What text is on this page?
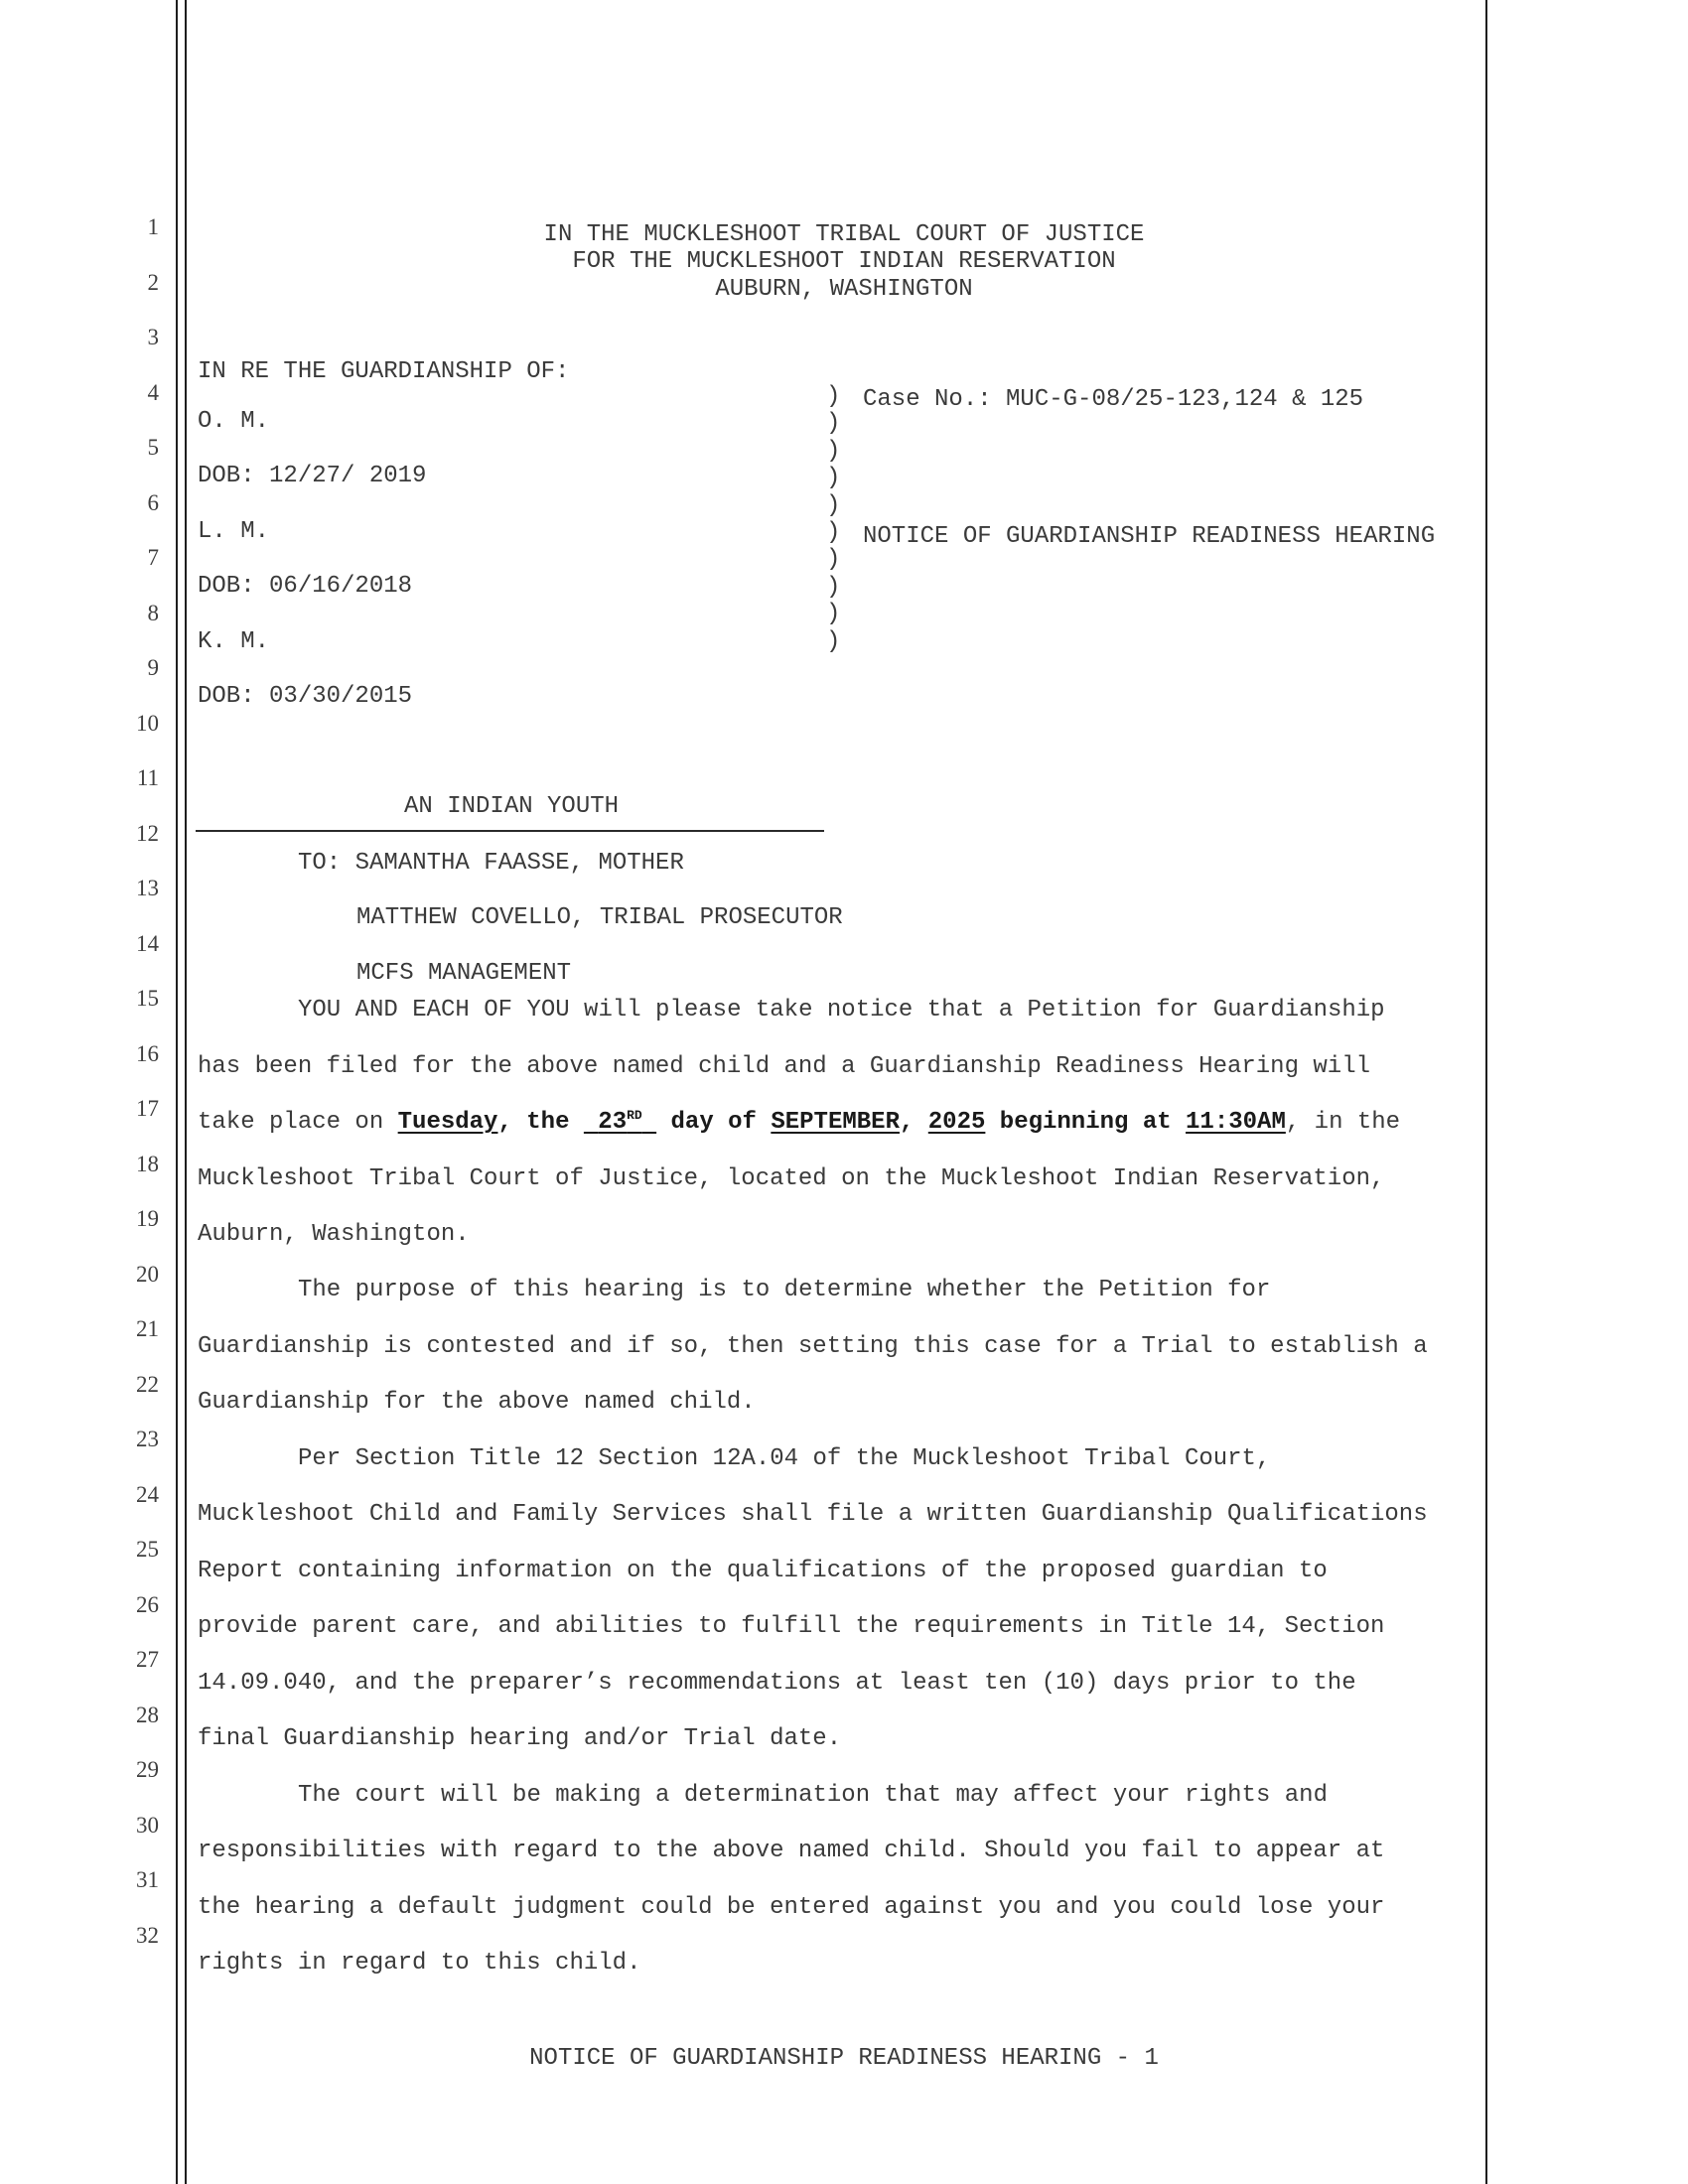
1
2
3
4
5
6
7
8
9
10
11
12
13
14
15
16
17
18
19
20
21
22
23
24
25
26
27
28
29
30
31
32
IN THE MUCKLESHOOT TRIBAL COURT OF JUSTICE
FOR THE MUCKLESHOOT INDIAN RESERVATION
AUBURN, WASHINGTON
IN RE THE GUARDIANSHIP OF:
O. M.
DOB: 12/27/ 2019
L. M.
DOB: 06/16/2018
K. M.
DOB: 03/30/2015
AN INDIAN YOUTH
)
)
)
)
)
)
)
)
)
)
Case No.: MUC-G-08/25-123,124 & 125
NOTICE OF GUARDIANSHIP READINESS HEARING
TO: SAMANTHA FAASSE, MOTHER
MATTHEW COVELLO, TRIBAL PROSECUTOR
MCFS MANAGEMENT
YOU AND EACH OF YOU will please take notice that a Petition for Guardianship
has been filed for the above named child and a Guardianship Readiness Hearing will
take place on Tuesday, the  23RD  day of SEPTEMBER, 2025 beginning at 11:30AM, in the
Muckleshoot Tribal Court of Justice, located on the Muckleshoot Indian Reservation,
Auburn, Washington.
The purpose of this hearing is to determine whether the Petition for
Guardianship is contested and if so, then setting this case for a Trial to establish a
Guardianship for the above named child.
Per Section Title 12 Section 12A.04 of the Muckleshoot Tribal Court,
Muckleshoot Child and Family Services shall file a written Guardianship Qualifications
Report containing information on the qualifications of the proposed guardian to
provide parent care, and abilities to fulfill the requirements in Title 14, Section
14.09.040, and the preparer’s recommendations at least ten (10) days prior to the
final Guardianship hearing and/or Trial date.
The court will be making a determination that may affect your rights and
responsibilities with regard to the above named child. Should you fail to appear at
the hearing a default judgment could be entered against you and you could lose your
rights in regard to this child.
NOTICE OF GUARDIANSHIP READINESS HEARING - 1
